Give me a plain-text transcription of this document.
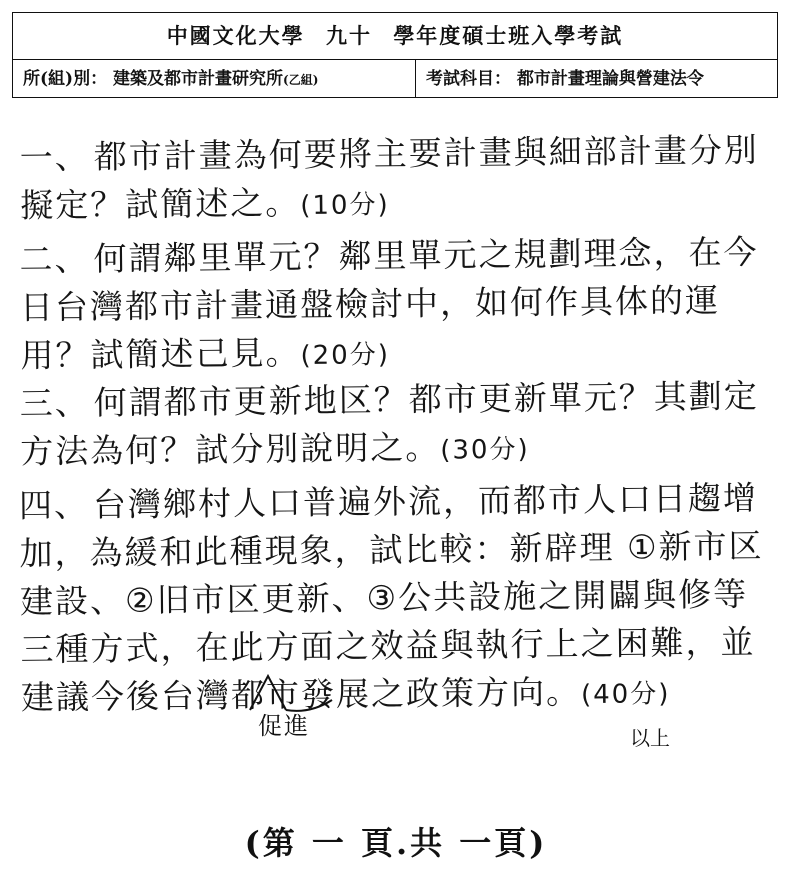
中國文化大學 九十 學年度碩士班入學考試
所(組)別： 建築及都市計畫研究所(乙組)	考試科目： 都市計畫理論與營建法令
一、 都市計畫為何要將主要計畫與細部計畫分別擬定？試簡述之。(10分)
二、 何謂鄰里單元？鄰里單元之規劃理念，在今日台灣都市計畫通盤檢討中，如何作具体的運用？試簡述己見。(20分)
三、 何謂都市更新地区？都市更新單元？其劃定方法為何？試分別說明之。(30分)
四、 台灣鄉村人口普遍外流，而都市人口日趨增加，為緩和此種現象，試比較：新辟理 ①新市区建設、②旧市区更新、③公共設施之開闢與修等三種方式，在此方面之效益與執行上之困難，並建議今後台灣都市發展之政策方向。(40分)
促進	以上
(第 一 頁.共 一頁)
